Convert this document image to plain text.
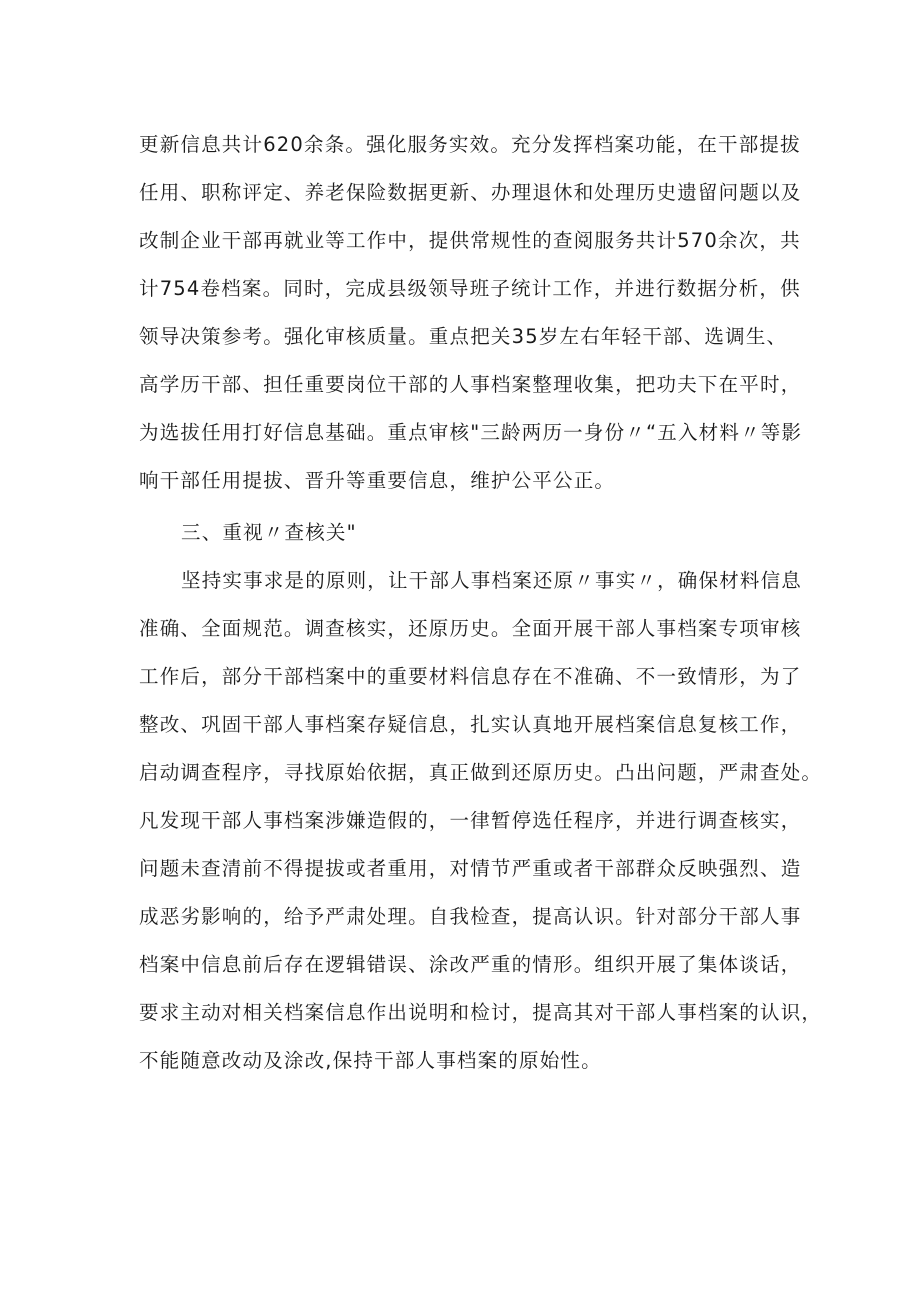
更新信息共计620余条。强化服务实效。充分发挥档案功能，在干部提拔
任用、职称评定、养老保险数据更新、办理退休和处理历史遗留问题以及
改制企业干部再就业等工作中，提供常规性的查阅服务共计570余次，共
计754卷档案。同时，完成县级领导班子统计工作，并进行数据分析，供
领导决策参考。强化审核质量。重点把关35岁左右年轻干部、选调生、
高学历干部、担任重要岗位干部的人事档案整理收集，把功夫下在平时，
为选拔任用打好信息基础。重点审核"三龄两历一身份〃“五入材料〃等影
响干部任用提拔、晋升等重要信息，维护公平公正。
三、重视〃查核关"
坚持实事求是的原则，让干部人事档案还原〃事实〃，确保材料信息
准确、全面规范。调查核实，还原历史。全面开展干部人事档案专项审核
工作后，部分干部档案中的重要材料信息存在不准确、不一致情形，为了
整改、巩固干部人事档案存疑信息，扎实认真地开展档案信息复核工作，
启动调查程序，寻找原始依据，真正做到还原历史。凸出问题，严肃查处。
凡发现干部人事档案涉嫌造假的，一律暂停选任程序，并进行调查核实，
问题未查清前不得提拔或者重用，对情节严重或者干部群众反映强烈、造
成恶劣影响的，给予严肃处理。自我检查，提高认识。针对部分干部人事
档案中信息前后存在逻辑错误、涂改严重的情形。组织开展了集体谈话，
要求主动对相关档案信息作出说明和检讨，提高其对干部人事档案的认识，
不能随意改动及涂改,保持干部人事档案的原始性。
